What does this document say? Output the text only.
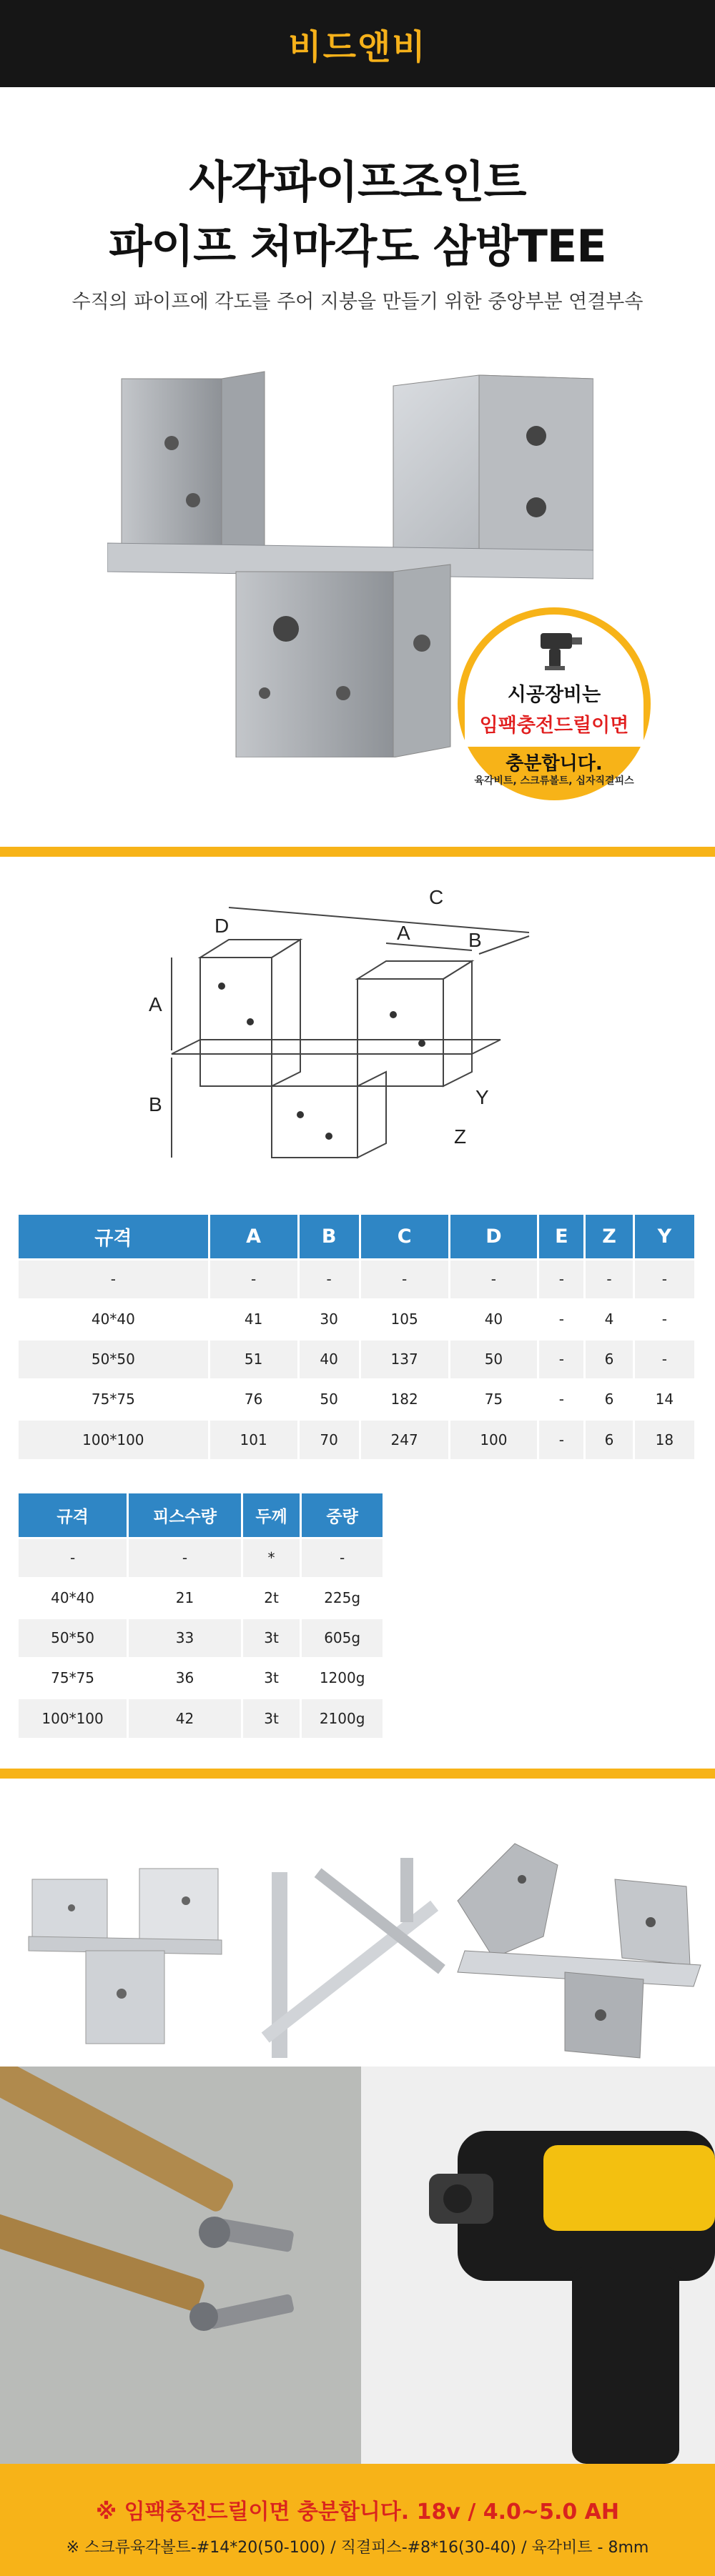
비드앤비
사각파이프조인트
파이프 처마각도 삼방TEE
수직의 파이프에 각도를 주어 지붕을 만들기 위한 중앙부분 연결부속
시공장비는
임팩충전드릴이면
충분합니다.
육각비트, 스크류볼트, 십자직결피스
C
D	A	B
A
B	Y
Z
규격	A	B	C	D	E	Z	Y
-	-	-	-	-	-	-	-
40*40	41	30	105	40	-	4	-
50*50	51	40	137	50	-	6	-
75*75	76	50	182	75	-	6	14
100*100	101	70	247	100	-	6	18
규격	피스수량	두께	중량
-	-	*	-
40*40	21	2t	225g
50*50	33	3t	605g
75*75	36	3t	1200g
100*100	42	3t	2100g
※ 임팩충전드릴이면 충분합니다. 18v / 4.0~5.0 AH
※ 스크류육각볼트-#14*20(50-100) / 직결피스-#8*16(30-40) / 육각비트 - 8mm
